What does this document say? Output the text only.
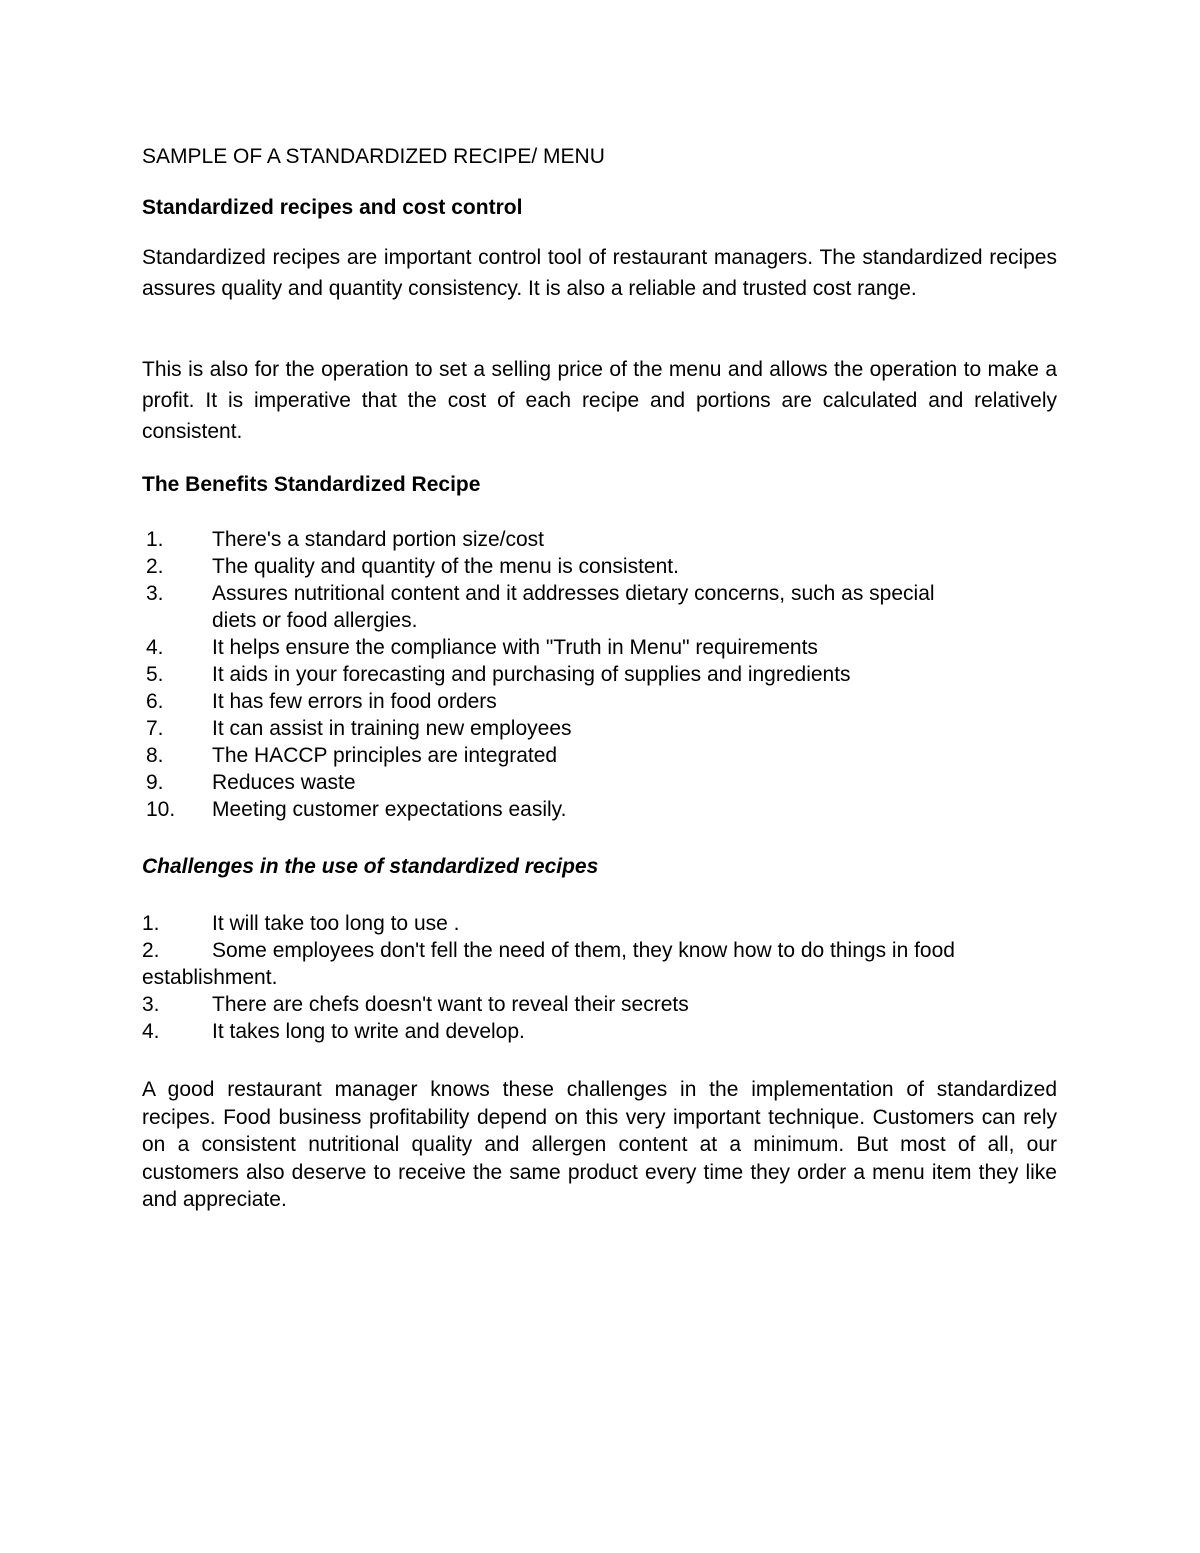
SAMPLE OF A STANDARDIZED RECIPE/ MENU
Standardized recipes and cost control

Standardized recipes are important control tool of restaurant managers. The standardized recipes assures quality and quantity consistency. It is also a reliable and trusted cost range.

This is also for the operation to set a selling price of the menu and allows the operation to make a profit. It is imperative that the cost of each recipe and portions are calculated and relatively consistent.

The Benefits Standardized Recipe
1. There's a standard portion size/cost
2. The quality and quantity of the menu is consistent.
3. Assures nutritional content and it addresses dietary concerns, such as special diets or food allergies.
4. It helps ensure the compliance with "Truth in Menu" requirements
5. It aids in your forecasting and purchasing of supplies and ingredients
6. It has few errors in food orders
7. It can assist in training new employees
8. The HACCP principles are integrated
9. Reduces waste
10. Meeting customer expectations easily.
Challenges in the use of standardized recipes
1. It will take too long to use .
2. Some employees don't fell the need of them, they know how to do things in food establishment.
3. There are chefs doesn't want to reveal their secrets
4. It takes long to write and develop.

A good restaurant manager knows these challenges in the implementation of standardized recipes. Food business profitability depend on this very important technique. Customers can rely on a consistent nutritional quality and allergen content at a minimum. But most of all, our customers also deserve to receive the same product every time they order a menu item they like and appreciate.
